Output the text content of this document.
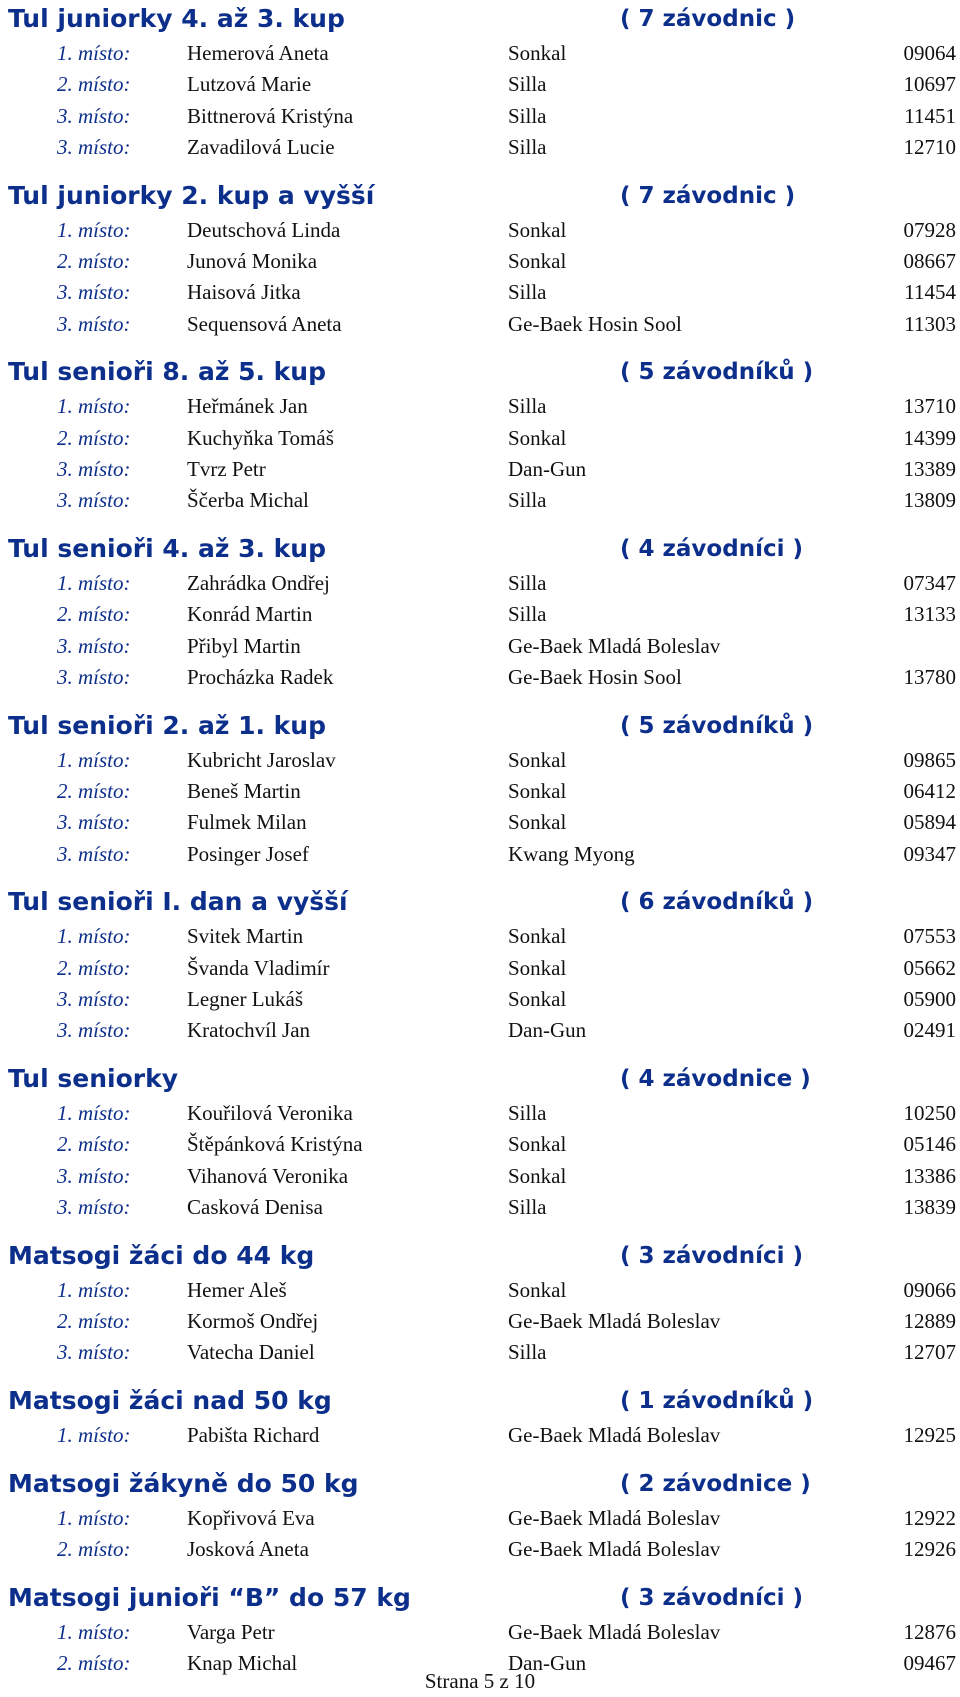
Tul juniorky 4. až 3. kup	( 7 závodnic )
1. místo:	Hemerová Aneta	Sonkal	09064
2. místo:	Lutzová Marie	Silla	10697
3. místo:	Bittnerová Kristýna	Silla	11451
3. místo:	Zavadilová Lucie	Silla	12710
Tul juniorky 2. kup a vyšší	( 7 závodnic )
1. místo:	Deutschová Linda	Sonkal	07928
2. místo:	Junová Monika	Sonkal	08667
3. místo:	Haisová Jitka	Silla	11454
3. místo:	Sequensová Aneta	Ge-Baek Hosin Sool	11303
Tul senioři 8. až 5. kup	( 5 závodníků )
1. místo:	Heřmánek Jan	Silla	13710
2. místo:	Kuchyňka Tomáš	Sonkal	14399
3. místo:	Tvrz Petr	Dan-Gun	13389
3. místo:	Ščerba Michal	Silla	13809
Tul senioři 4. až 3. kup	( 4 závodníci )
1. místo:	Zahrádka Ondřej	Silla	07347
2. místo:	Konrád Martin	Silla	13133
3. místo:	Přibyl Martin	Ge-Baek Mladá Boleslav
3. místo:	Procházka Radek	Ge-Baek Hosin Sool	13780
Tul senioři 2. až 1. kup	( 5 závodníků )
1. místo:	Kubricht Jaroslav	Sonkal	09865
2. místo:	Beneš Martin	Sonkal	06412
3. místo:	Fulmek Milan	Sonkal	05894
3. místo:	Posinger Josef	Kwang Myong	09347
Tul senioři I. dan a vyšší	( 6 závodníků )
1. místo:	Svitek Martin	Sonkal	07553
2. místo:	Švanda Vladimír	Sonkal	05662
3. místo:	Legner Lukáš	Sonkal	05900
3. místo:	Kratochvíl Jan	Dan-Gun	02491
Tul seniorky	( 4 závodnice )
1. místo:	Kouřilová Veronika	Silla	10250
2. místo:	Štěpánková Kristýna	Sonkal	05146
3. místo:	Vihanová Veronika	Sonkal	13386
3. místo:	Casková Denisa	Silla	13839
Matsogi žáci do 44 kg	( 3 závodníci )
1. místo:	Hemer Aleš	Sonkal	09066
2. místo:	Kormoš Ondřej	Ge-Baek Mladá Boleslav	12889
3. místo:	Vatecha Daniel	Silla	12707
Matsogi žáci nad 50 kg	( 1 závodníků )
1. místo:	Pabišta Richard	Ge-Baek Mladá Boleslav	12925
Matsogi žákyně do 50 kg	( 2 závodnice )
1. místo:	Kopřivová Eva	Ge-Baek Mladá Boleslav	12922
2. místo:	Josková Aneta	Ge-Baek Mladá Boleslav	12926
Matsogi junioři “B” do 57 kg	( 3 závodníci )
1. místo:	Varga Petr	Ge-Baek Mladá Boleslav	12876
2. místo:	Knap Michal	Dan-Gun	09467
Strana 5 z 10
